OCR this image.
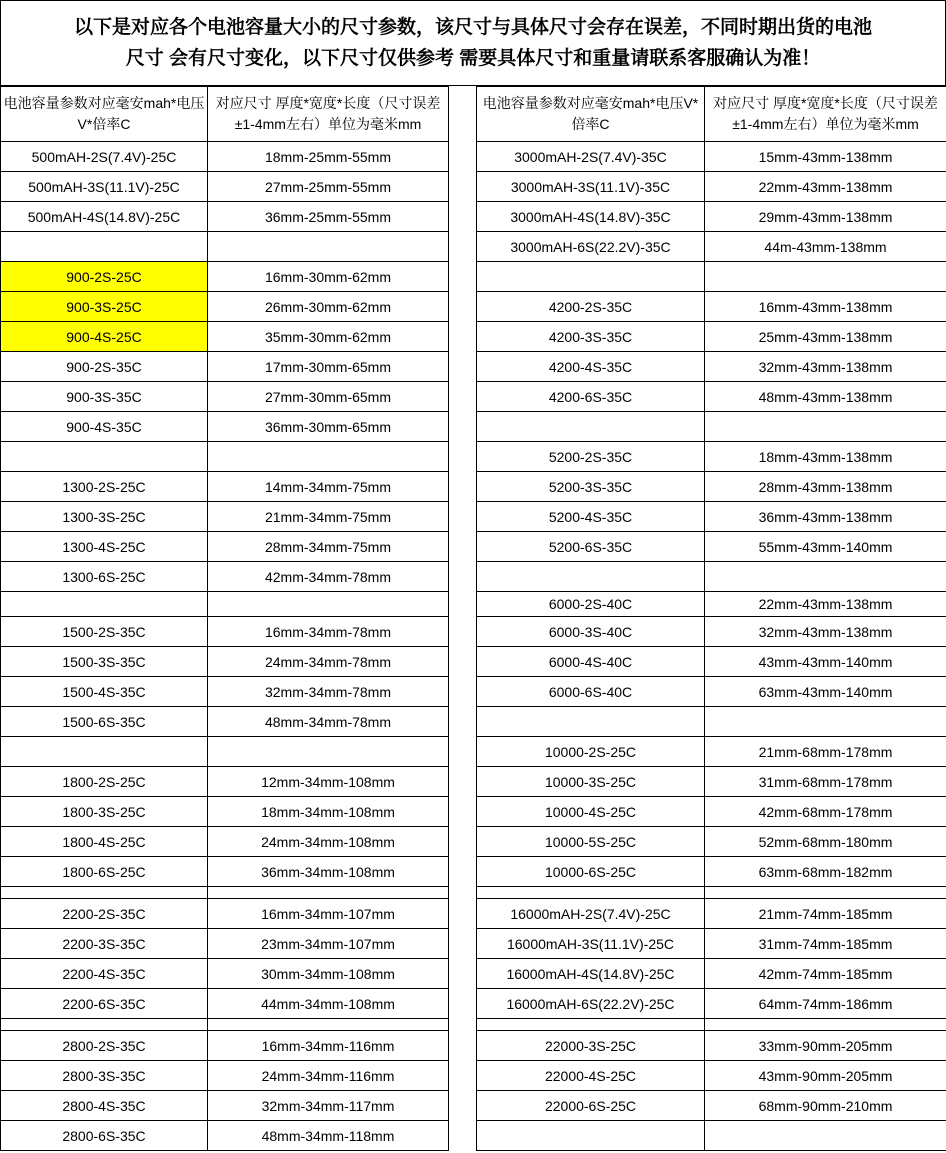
以下是对应各个电池容量大小的尺寸参数，该尺寸与具体尺寸会存在误差，不同时期出货的电池
尺寸 会有尺寸变化，以下尺寸仅供参考 需要具体尺寸和重量请联系客服确认为准！
电池容量参数对应毫安mah*电压V*倍率C	对应尺寸 厚度*宽度*长度（尺寸误差±1-4mm左右）单位为毫米mm		电池容量参数对应毫安mah*电压V*倍率C	对应尺寸 厚度*宽度*长度（尺寸误差±1-4mm左右）单位为毫米mm
500mAH-2S(7.4V)-25C	18mm-25mm-55mm		3000mAH-2S(7.4V)-35C	15mm-43mm-138mm
500mAH-3S(11.1V)-25C	27mm-25mm-55mm		3000mAH-3S(11.1V)-35C	22mm-43mm-138mm
500mAH-4S(14.8V)-25C	36mm-25mm-55mm		3000mAH-4S(14.8V)-35C	29mm-43mm-138mm
			3000mAH-6S(22.2V)-35C	44m-43mm-138mm
900-2S-25C	16mm-30mm-62mm			
900-3S-25C	26mm-30mm-62mm		4200-2S-35C	16mm-43mm-138mm
900-4S-25C	35mm-30mm-62mm		4200-3S-35C	25mm-43mm-138mm
900-2S-35C	17mm-30mm-65mm		4200-4S-35C	32mm-43mm-138mm
900-3S-35C	27mm-30mm-65mm		4200-6S-35C	48mm-43mm-138mm
900-4S-35C	36mm-30mm-65mm			
			5200-2S-35C	18mm-43mm-138mm
1300-2S-25C	14mm-34mm-75mm		5200-3S-35C	28mm-43mm-138mm
1300-3S-25C	21mm-34mm-75mm		5200-4S-35C	36mm-43mm-138mm
1300-4S-25C	28mm-34mm-75mm		5200-6S-35C	55mm-43mm-140mm
1300-6S-25C	42mm-34mm-78mm			
			6000-2S-40C	22mm-43mm-138mm
1500-2S-35C	16mm-34mm-78mm		6000-3S-40C	32mm-43mm-138mm
1500-3S-35C	24mm-34mm-78mm		6000-4S-40C	43mm-43mm-140mm
1500-4S-35C	32mm-34mm-78mm		6000-6S-40C	63mm-43mm-140mm
1500-6S-35C	48mm-34mm-78mm			
			10000-2S-25C	21mm-68mm-178mm
1800-2S-25C	12mm-34mm-108mm		10000-3S-25C	31mm-68mm-178mm
1800-3S-25C	18mm-34mm-108mm		10000-4S-25C	42mm-68mm-178mm
1800-4S-25C	24mm-34mm-108mm		10000-5S-25C	52mm-68mm-180mm
1800-6S-25C	36mm-34mm-108mm		10000-6S-25C	63mm-68mm-182mm

2200-2S-35C	16mm-34mm-107mm		16000mAH-2S(7.4V)-25C	21mm-74mm-185mm
2200-3S-35C	23mm-34mm-107mm		16000mAH-3S(11.1V)-25C	31mm-74mm-185mm
2200-4S-35C	30mm-34mm-108mm		16000mAH-4S(14.8V)-25C	42mm-74mm-185mm
2200-6S-35C	44mm-34mm-108mm		16000mAH-6S(22.2V)-25C	64mm-74mm-186mm

2800-2S-35C	16mm-34mm-116mm		22000-3S-25C	33mm-90mm-205mm
2800-3S-35C	24mm-34mm-116mm		22000-4S-25C	43mm-90mm-205mm
2800-4S-35C	32mm-34mm-117mm		22000-6S-25C	68mm-90mm-210mm
2800-6S-35C	48mm-34mm-118mm			
